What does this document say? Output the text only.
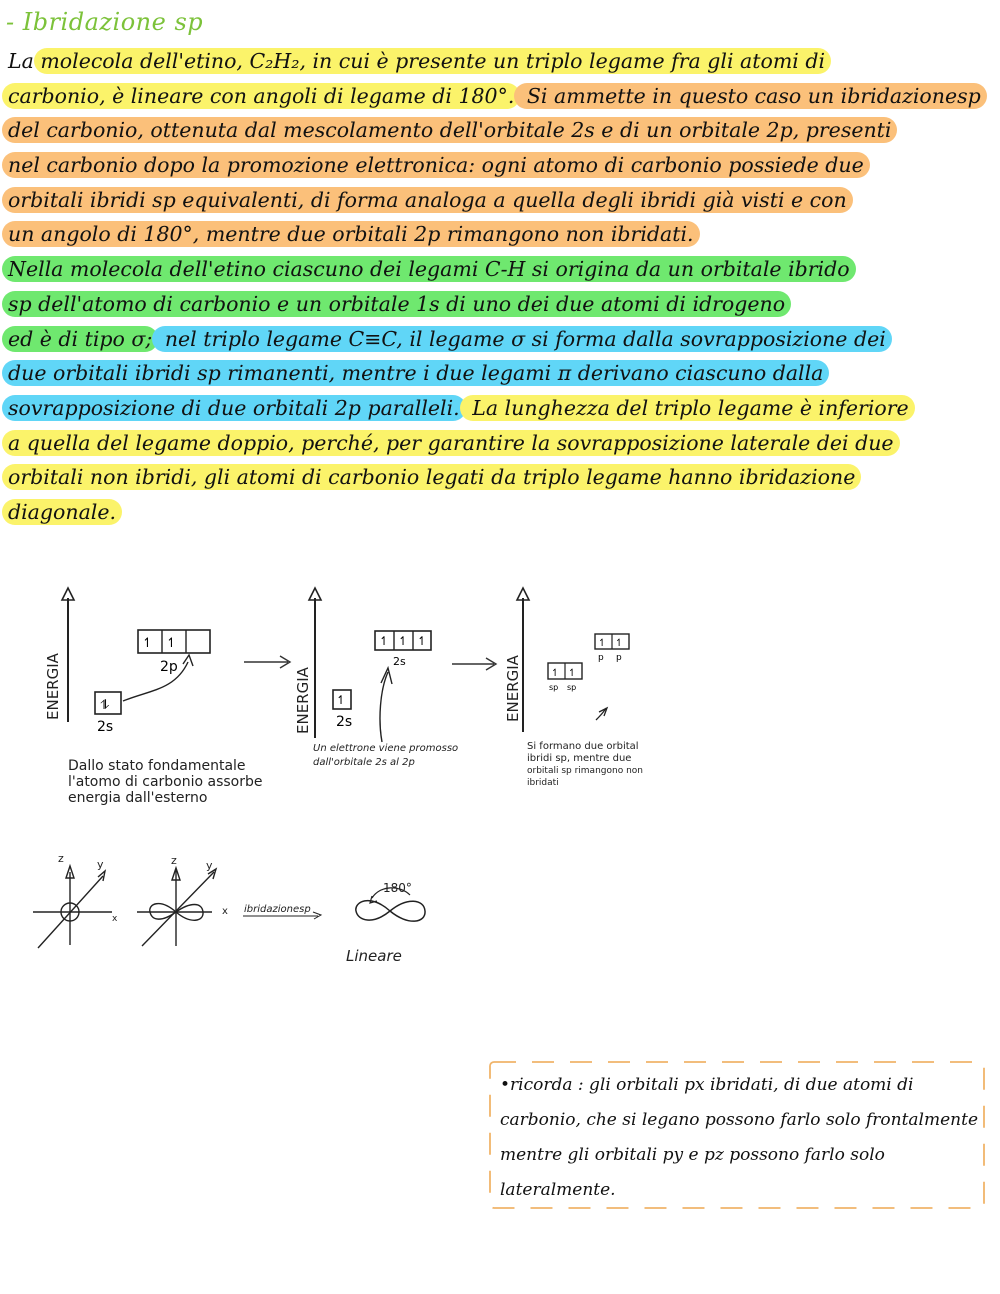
- Ibridazione sp
La molecola dell'etino, C₂H₂, in cui è presente un triplo legame fra gli atomi di
carbonio, è lineare con angoli di legame di 180°. Si ammette in questo caso un ibridazionesp
del carbonio, ottenuta dal mescolamento dell'orbitale 2s e di un orbitale 2p, presenti
nel carbonio dopo la promozione elettronica: ogni atomo di carbonio possiede due
orbitali ibridi sp equivalenti, di forma analoga a quella degli ibridi già visti e con
un angolo di 180°, mentre due orbitali 2p rimangono non ibridati.
Nella molecola dell'etino ciascuno dei legami C-H si origina da un orbitale ibrido
sp dell'atomo di carbonio e un orbitale 1s di uno dei due atomi di idrogeno
ed è di tipo σ; nel triplo legame C≡C, il legame σ si forma dalla sovrapposizione dei
due orbitali ibridi sp rimanenti, mentre i due legami π derivano ciascuno dalla
sovrapposizione di due orbitali 2p paralleli. La lunghezza del triplo legame è inferiore
a quella del legame doppio, perché, per garantire la sovrapposizione laterale dei due
orbitali non ibridi, gli atomi di carbonio legati da triplo legame hanno ibridazione
diagonale.
ENERGIA
↿ ↿
2p
⥮
2s	ENERGIA
↿ ↿ ↿
2s
↿
2s	ENERGIA
↿ ↿
p p
↿ ↿
sp sp
z	y
x
z	y
x ibridazionesp
180°
Lineare
Dallo stato fondamentale
l'atomo di carbonio assorbe
energia dall'esterno
Un elettrone viene promosso
dall'orbitale 2s al 2p
Si formano due orbital
ibridi sp, mentre due
orbitali sp rimangono non
ibridati
•ricorda : gli orbitali px ibridati, di due atomi di
carbonio, che si legano possono farlo solo frontalmente
mentre gli orbitali py e pz possono farlo solo
lateralmente.
